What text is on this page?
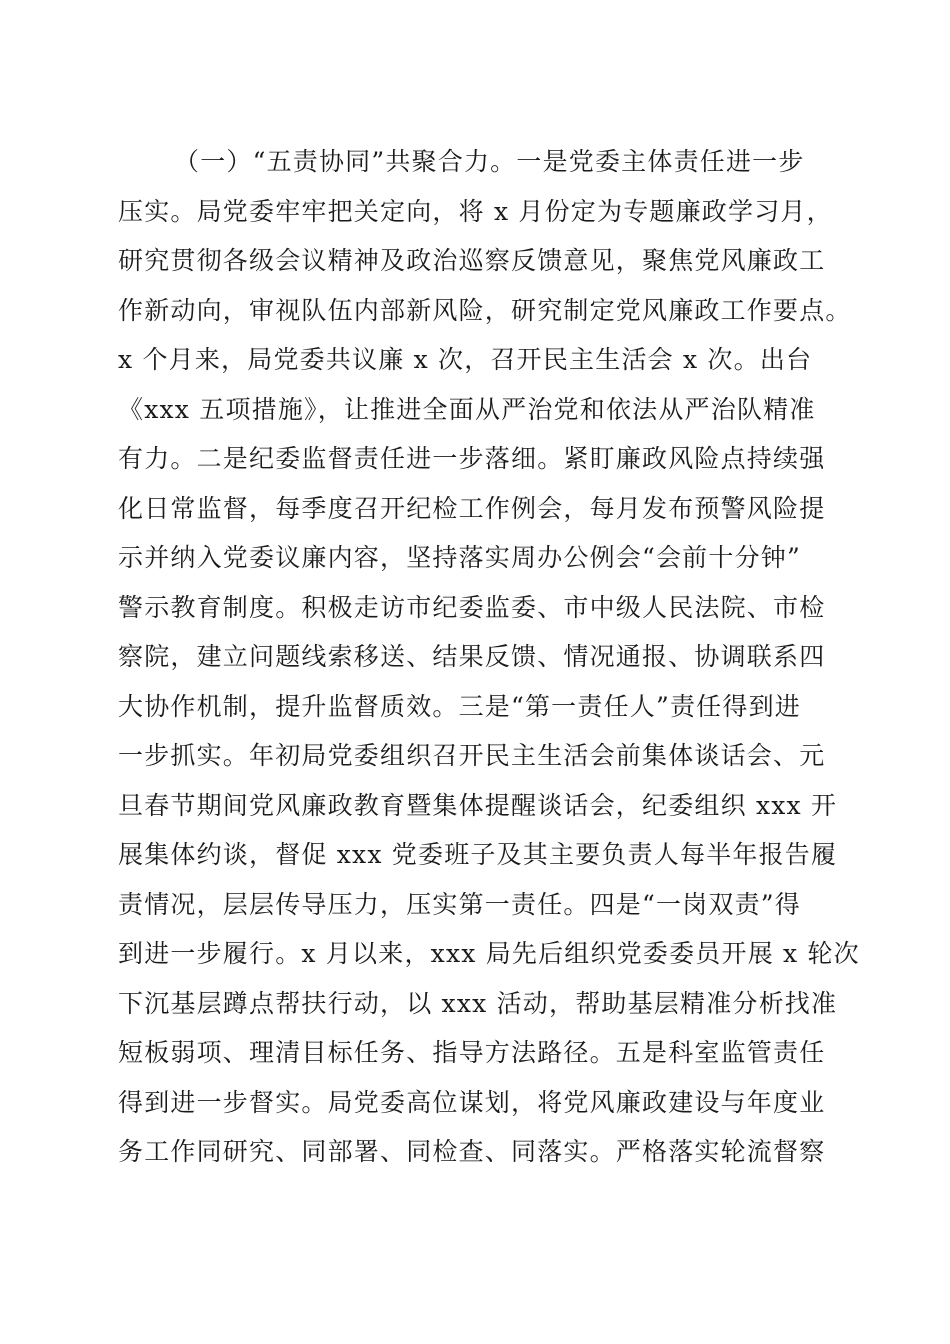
（一）“五责协同”共聚合力。一是党委主体责任进一步
压实。局党委牢牢把关定向，将 x 月份定为专题廉政学习月，
研究贯彻各级会议精神及政治巡察反馈意见，聚焦党风廉政工
作新动向，审视队伍内部新风险，研究制定党风廉政工作要点。
x 个月来，局党委共议廉 x 次，召开民主生活会 x 次。出台
《xxx 五项措施》，让推进全面从严治党和依法从严治队精准
有力。二是纪委监督责任进一步落细。紧盯廉政风险点持续强
化日常监督，每季度召开纪检工作例会，每月发布预警风险提
示并纳入党委议廉内容，坚持落实周办公例会“会前十分钟”
警示教育制度。积极走访市纪委监委、市中级人民法院、市检
察院，建立问题线索移送、结果反馈、情况通报、协调联系四
大协作机制，提升监督质效。三是“第一责任人”责任得到进
一步抓实。年初局党委组织召开民主生活会前集体谈话会、元
旦春节期间党风廉政教育暨集体提醒谈话会，纪委组织 xxx 开
展集体约谈，督促 xxx 党委班子及其主要负责人每半年报告履
责情况，层层传导压力，压实第一责任。四是“一岗双责”得
到进一步履行。x 月以来，xxx 局先后组织党委委员开展 x 轮次
下沉基层蹲点帮扶行动，以 xxx 活动，帮助基层精准分析找准
短板弱项、理清目标任务、指导方法路径。五是科室监管责任
得到进一步督实。局党委高位谋划，将党风廉政建设与年度业
务工作同研究、同部署、同检查、同落实。严格落实轮流督察
